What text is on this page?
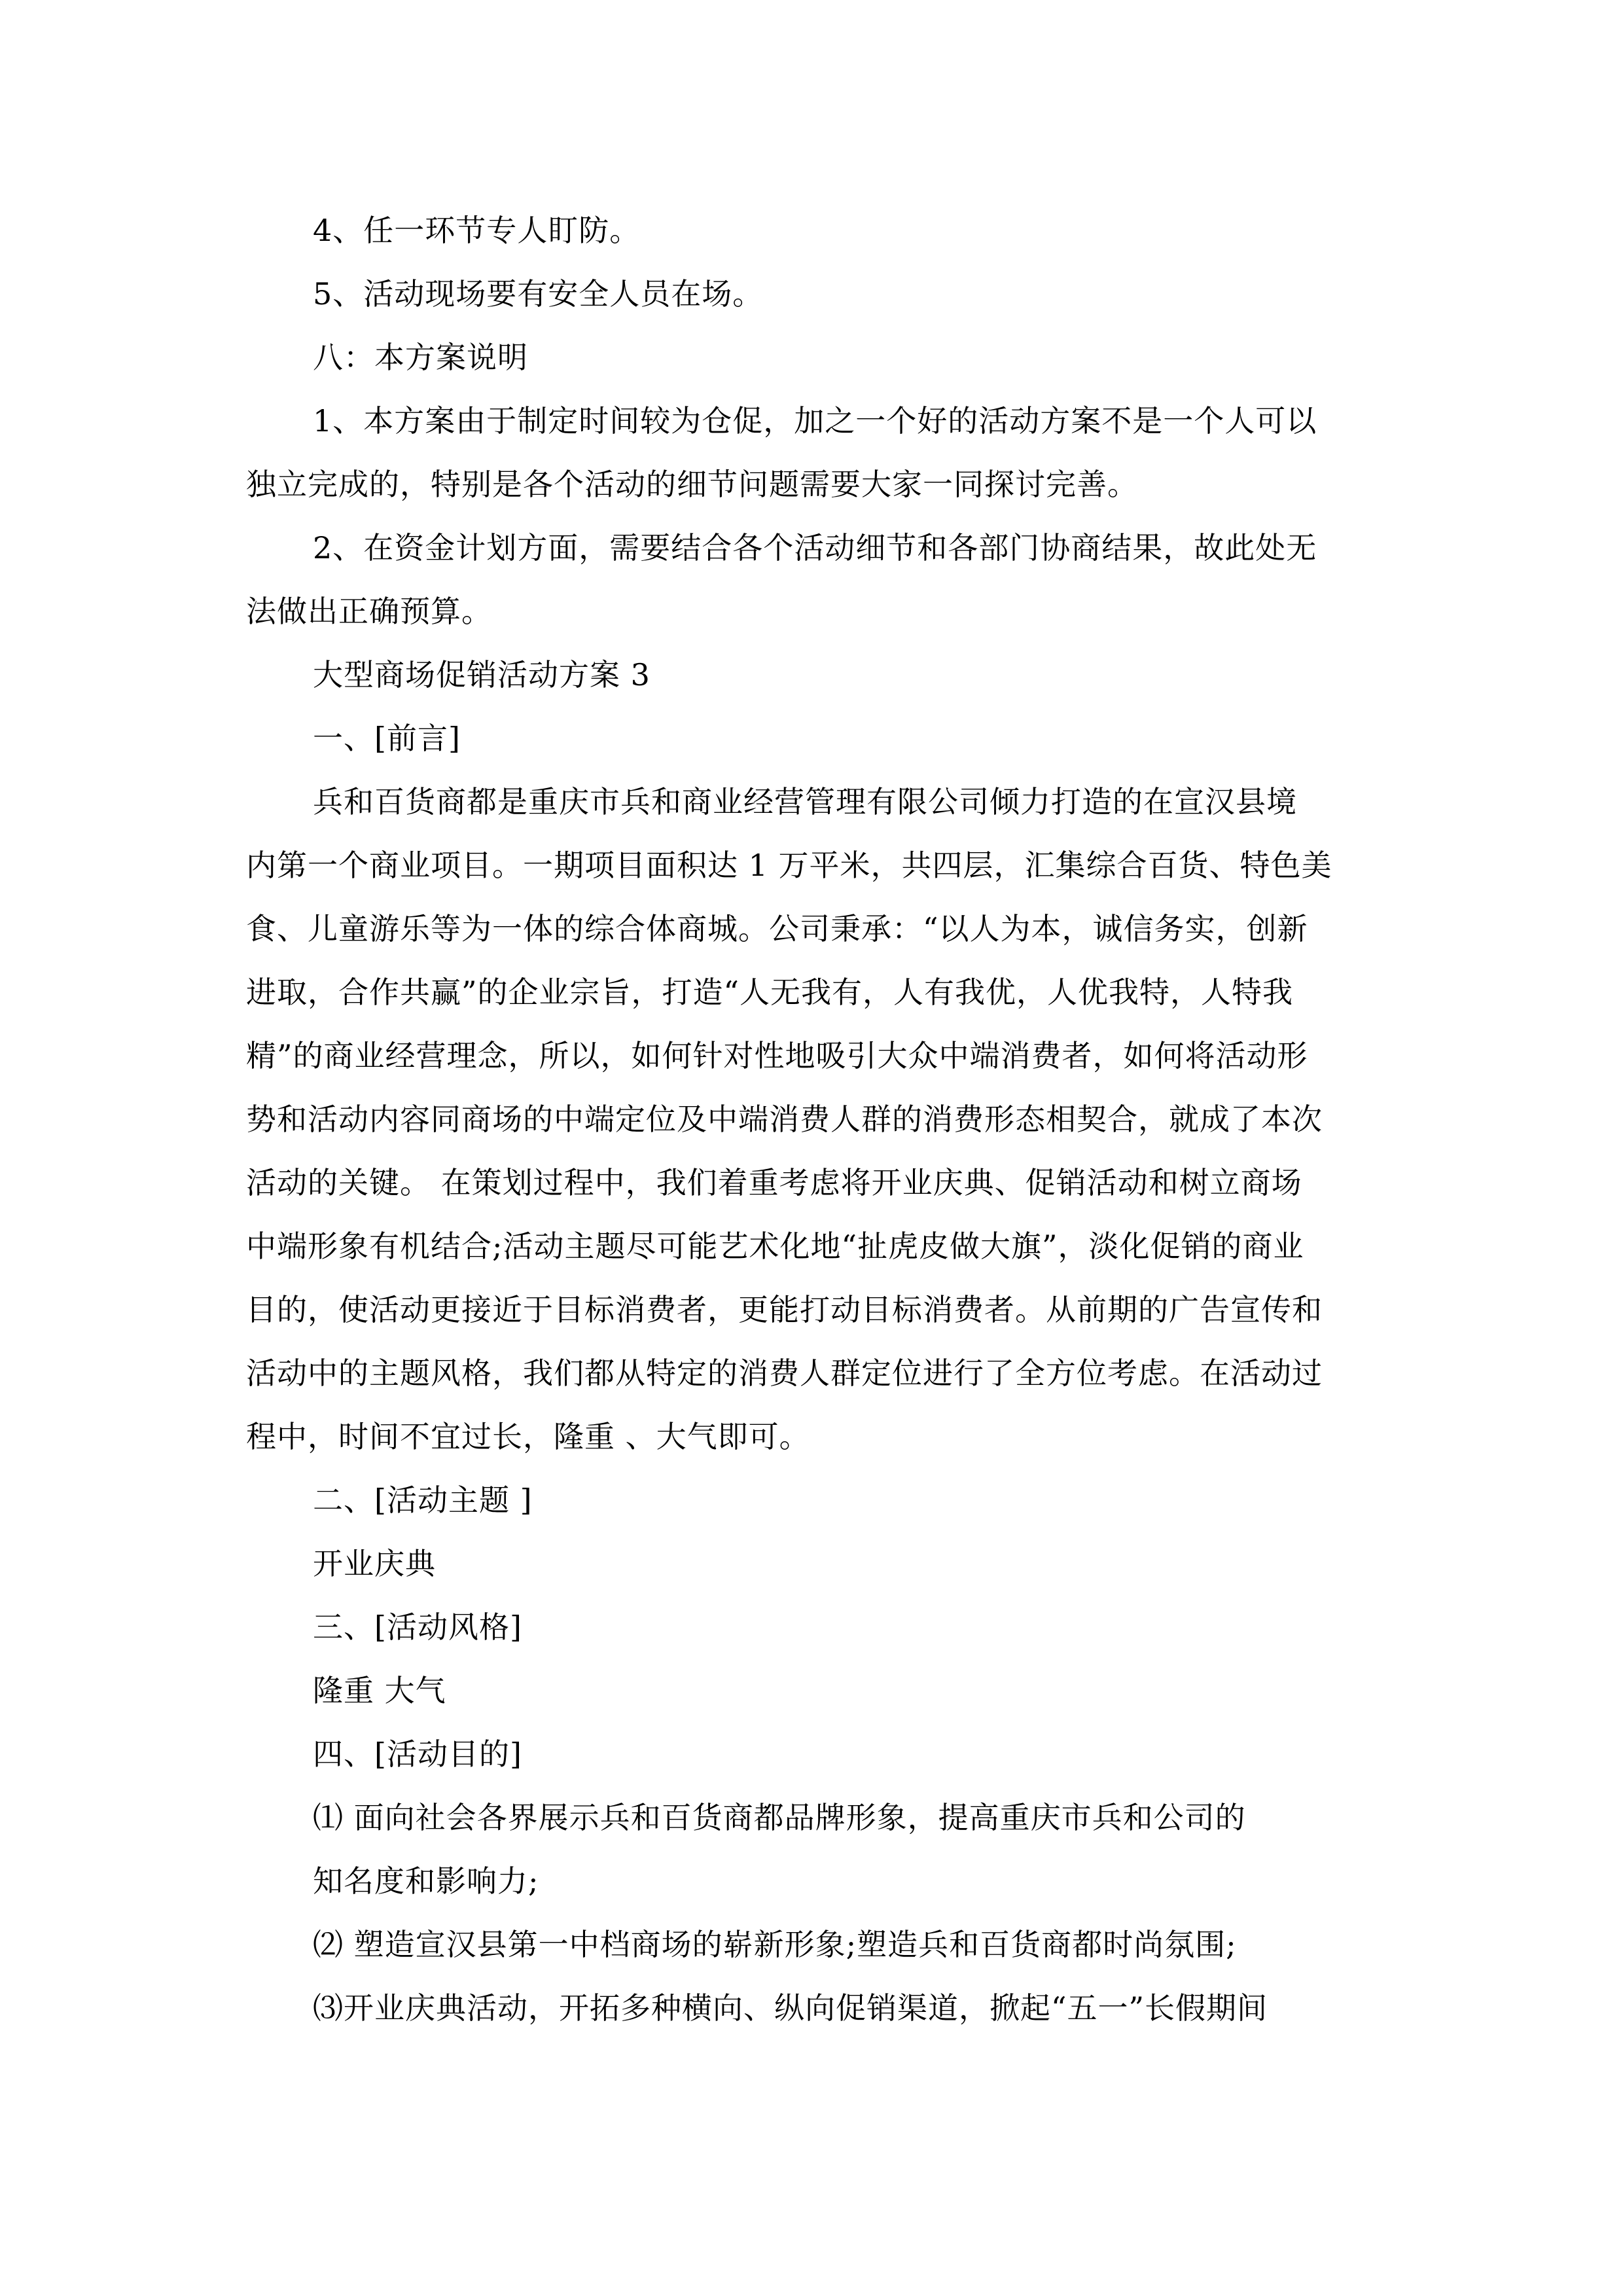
4、任一环节专人盯防。
5、活动现场要有安全人员在场。
八：本方案说明
1、本方案由于制定时间较为仓促，加之一个好的活动方案不是一个人可以
独立完成的，特别是各个活动的细节问题需要大家一同探讨完善。
2、在资金计划方面，需要结合各个活动细节和各部门协商结果，故此处无
法做出正确预算。
大型商场促销活动方案 3
一、[前言]
兵和百货商都是重庆市兵和商业经营管理有限公司倾力打造的在宣汉县境
内第一个商业项目。一期项目面积达 1 万平米，共四层，汇集综合百货、特色美
食、儿童游乐等为一体的综合体商城。公司秉承：“以人为本，诚信务实，创新
进取，合作共赢”的企业宗旨，打造“人无我有，人有我优，人优我特，人特我
精”的商业经营理念，所以，如何针对性地吸引大众中端消费者，如何将活动形
势和活动内容同商场的中端定位及中端消费人群的消费形态相契合，就成了本次
活动的关键。 在策划过程中，我们着重考虑将开业庆典、促销活动和树立商场
中端形象有机结合;活动主题尽可能艺术化地“扯虎皮做大旗”，淡化促销的商业
目的，使活动更接近于目标消费者，更能打动目标消费者。从前期的广告宣传和
活动中的主题风格，我们都从特定的消费人群定位进行了全方位考虑。在活动过
程中，时间不宜过长，隆重 、大气即可。
二、[活动主题 ]
开业庆典
三、[活动风格]
隆重 大气
四、[活动目的]
⑴ 面向社会各界展示兵和百货商都品牌形象，提高重庆市兵和公司的
知名度和影响力;
⑵ 塑造宣汉县第一中档商场的崭新形象;塑造兵和百货商都时尚氛围;
⑶开业庆典活动，开拓多种横向、纵向促销渠道，掀起“五一”长假期间
